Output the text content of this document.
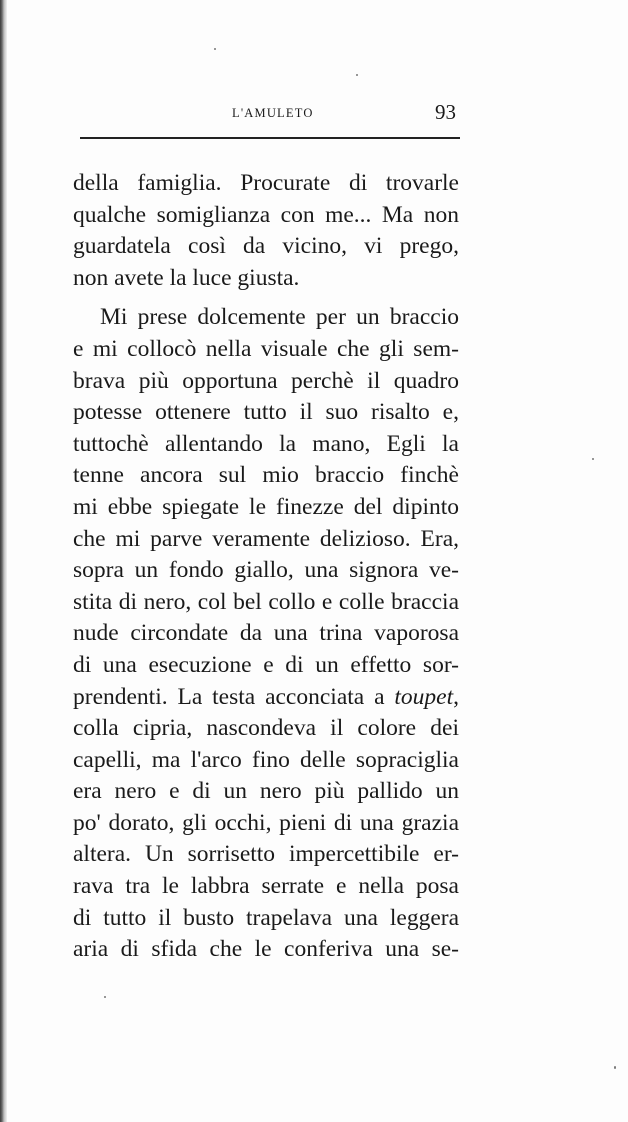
L'AMULETO	93
della famiglia. Procurate di trovarle
qualche somiglianza con me... Ma non
guardatela così da vicino, vi prego,
non avete la luce giusta.
Mi prese dolcemente per un braccio
e mi collocò nella visuale che gli sem-
brava più opportuna perchè il quadro
potesse ottenere tutto il suo risalto e,
tuttochè allentando la mano, Egli la
tenne ancora sul mio braccio finchè
mi ebbe spiegate le finezze del dipinto
che mi parve veramente delizioso. Era,
sopra un fondo giallo, una signora ve-
stita di nero, col bel collo e colle braccia
nude circondate da una trina vaporosa
di una esecuzione e di un effetto sor-
prendenti. La testa acconciata a toupet,
colla cipria, nascondeva il colore dei
capelli, ma l'arco fino delle sopraciglia
era nero e di un nero più pallido un
po' dorato, gli occhi, pieni di una grazia
altera. Un sorrisetto impercettibile er-
rava tra le labbra serrate e nella posa
di tutto il busto trapelava una leggera
aria di sfida che le conferiva una se-
